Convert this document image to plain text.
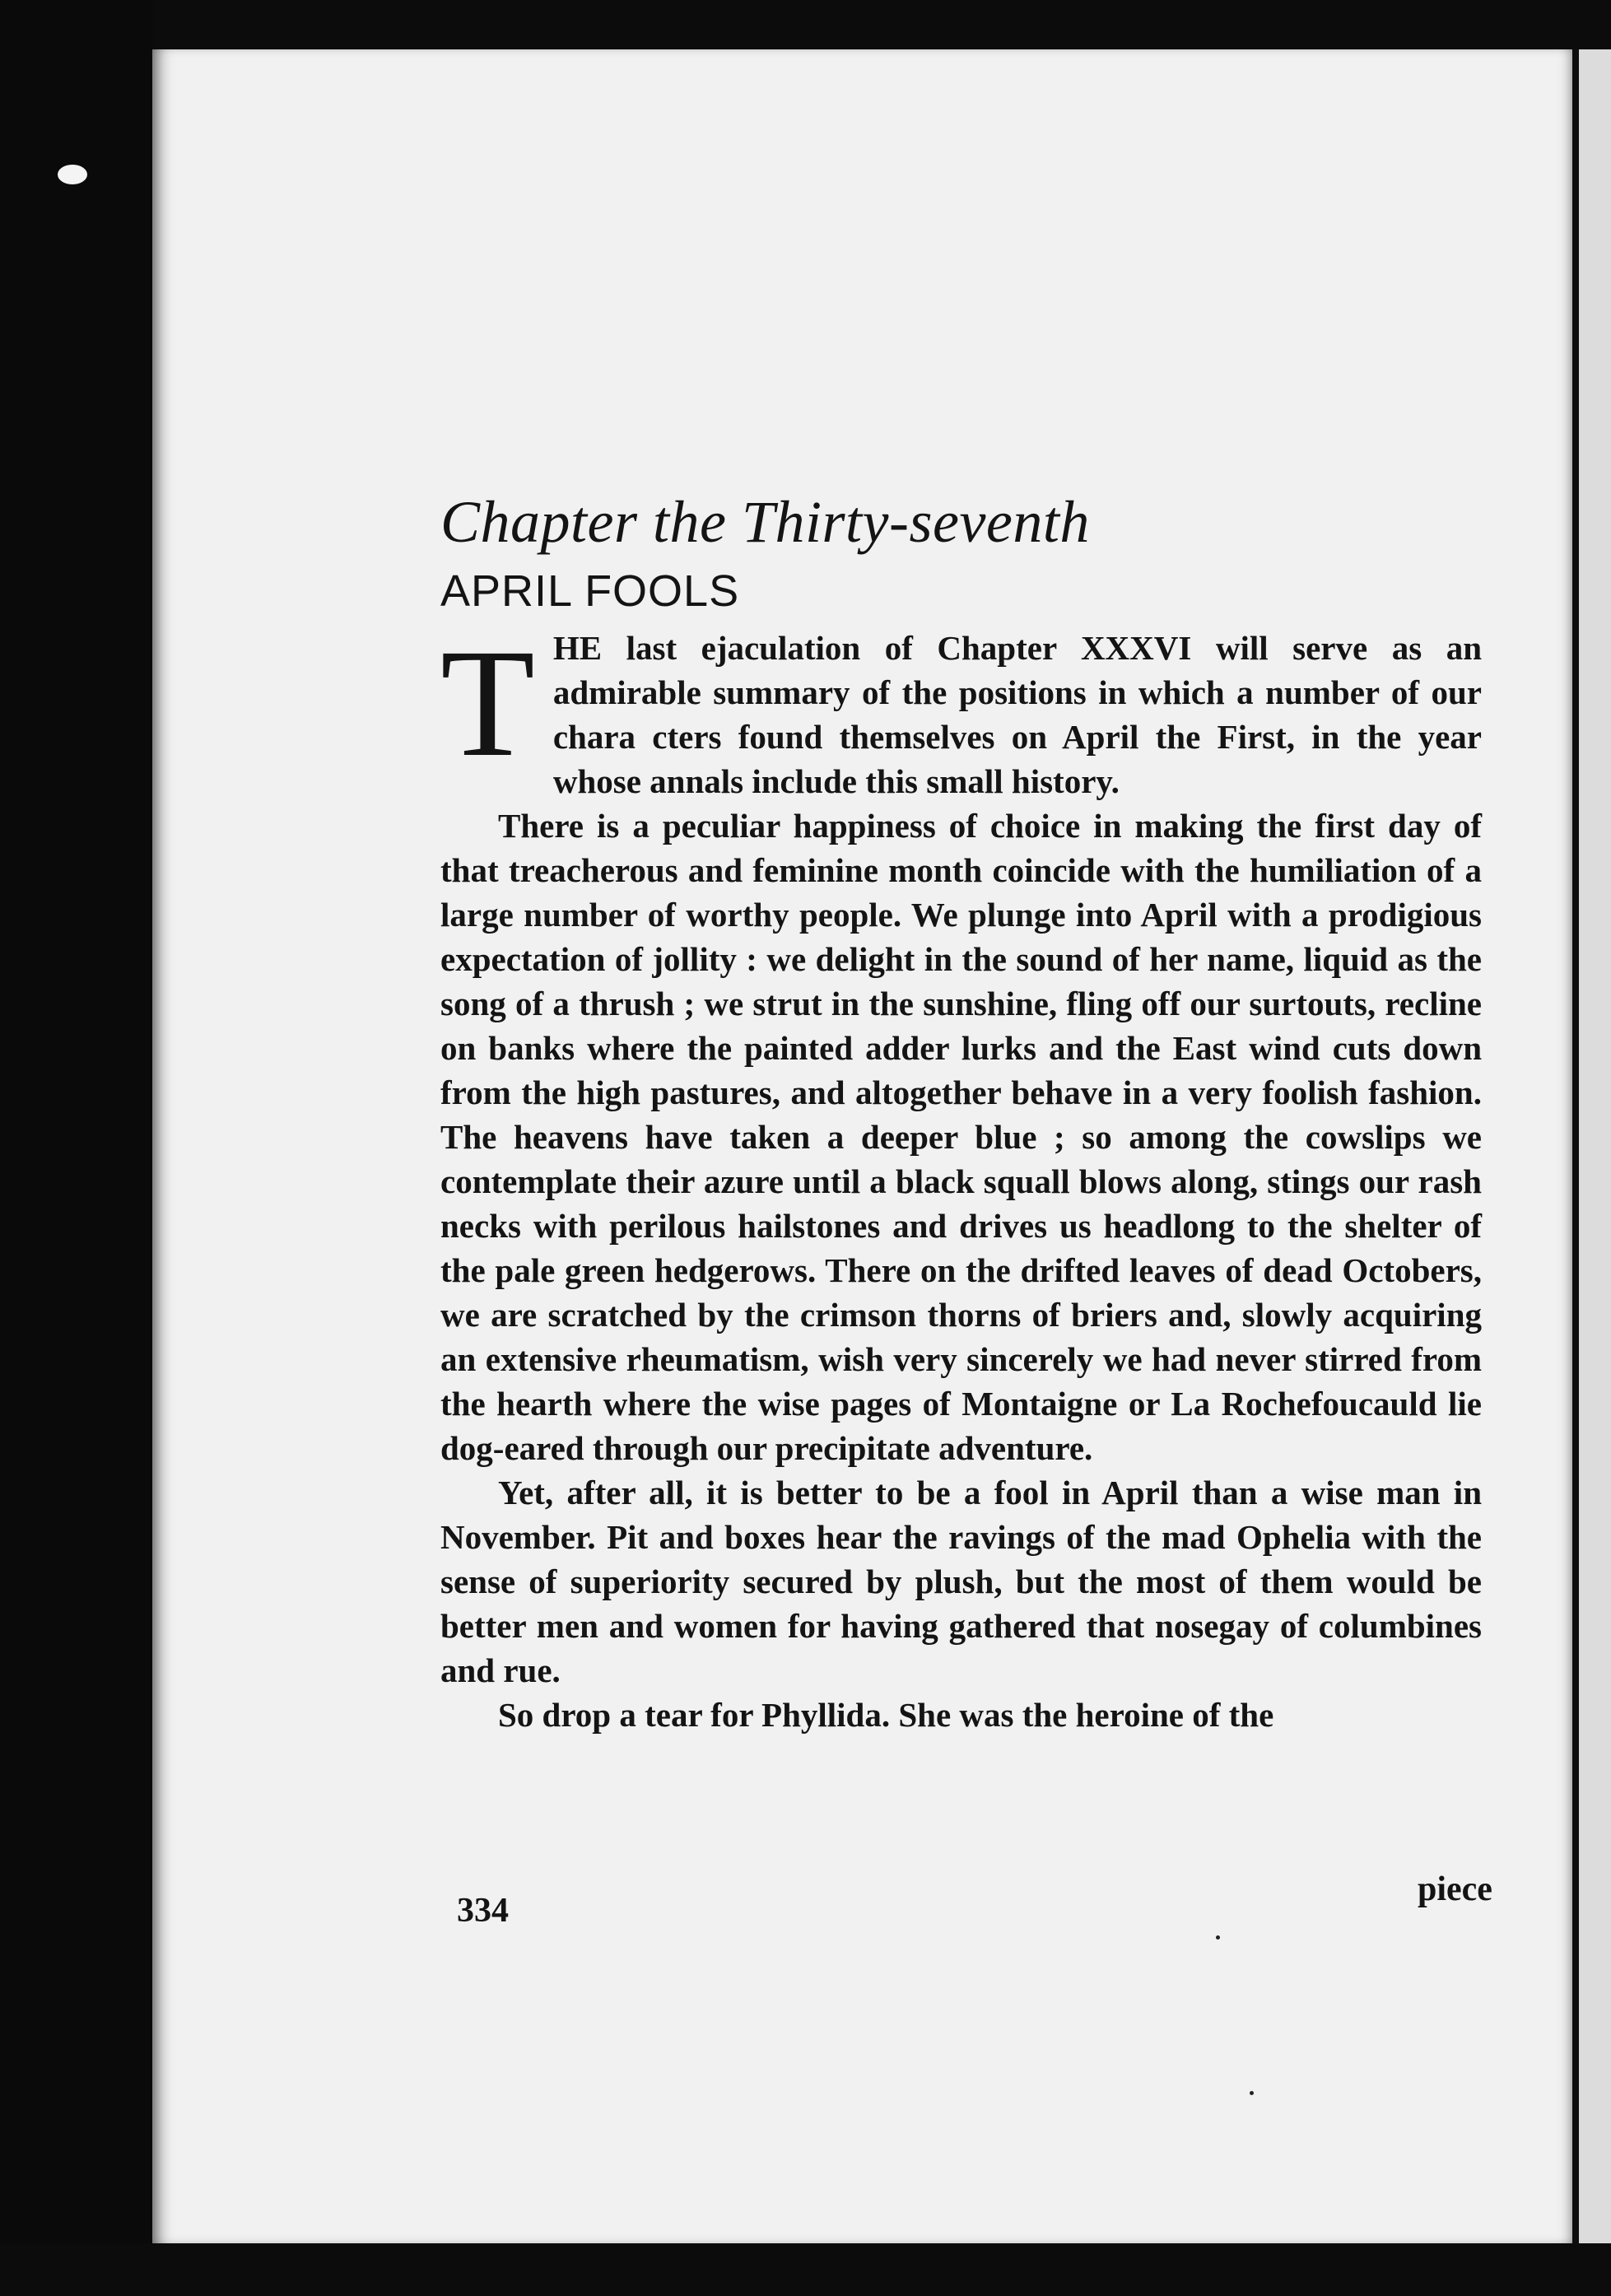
Chapter the Thirty-seventh
APRIL FOOLS

THE last ejaculation of Chapter XXXVI will serve as an admirable summary of the positions in which a number of our chara cters found themselves on April the First, in the year whose annals include this small history.

There is a peculiar happiness of choice in making the first day of that treacherous and feminine month coincide with the humiliation of a large number of worthy people. We plunge into April with a prodigious expectation of jollity : we delight in the sound of her name, liquid as the song of a thrush ; we strut in the sunshine, fling off our surtouts, recline on banks where the painted adder lurks and the East wind cuts down from the high pastures, and altogether behave in a very foolish fashion. The heavens have taken a deeper blue ; so among the cowslips we contemplate their azure until a black squall blows along, stings our rash necks with perilous hailstones and drives us headlong to the shelter of the pale green hedgerows. There on the drifted leaves of dead Octobers, we are scratched by the crimson thorns of briers and, slowly acquiring an extensive rheumatism, wish very sincerely we had never stirred from the hearth where the wise pages of Montaigne or La Rochefoucauld lie dog-eared through our precipitate adventure.

Yet, after all, it is better to be a fool in April than a wise man in November. Pit and boxes hear the ravings of the mad Ophelia with the sense of superiority secured by plush, but the most of them would be better men and women for having gathered that nosegay of columbines and rue.

So drop a tear for Phyllida. She was the heroine of the

334
piece
